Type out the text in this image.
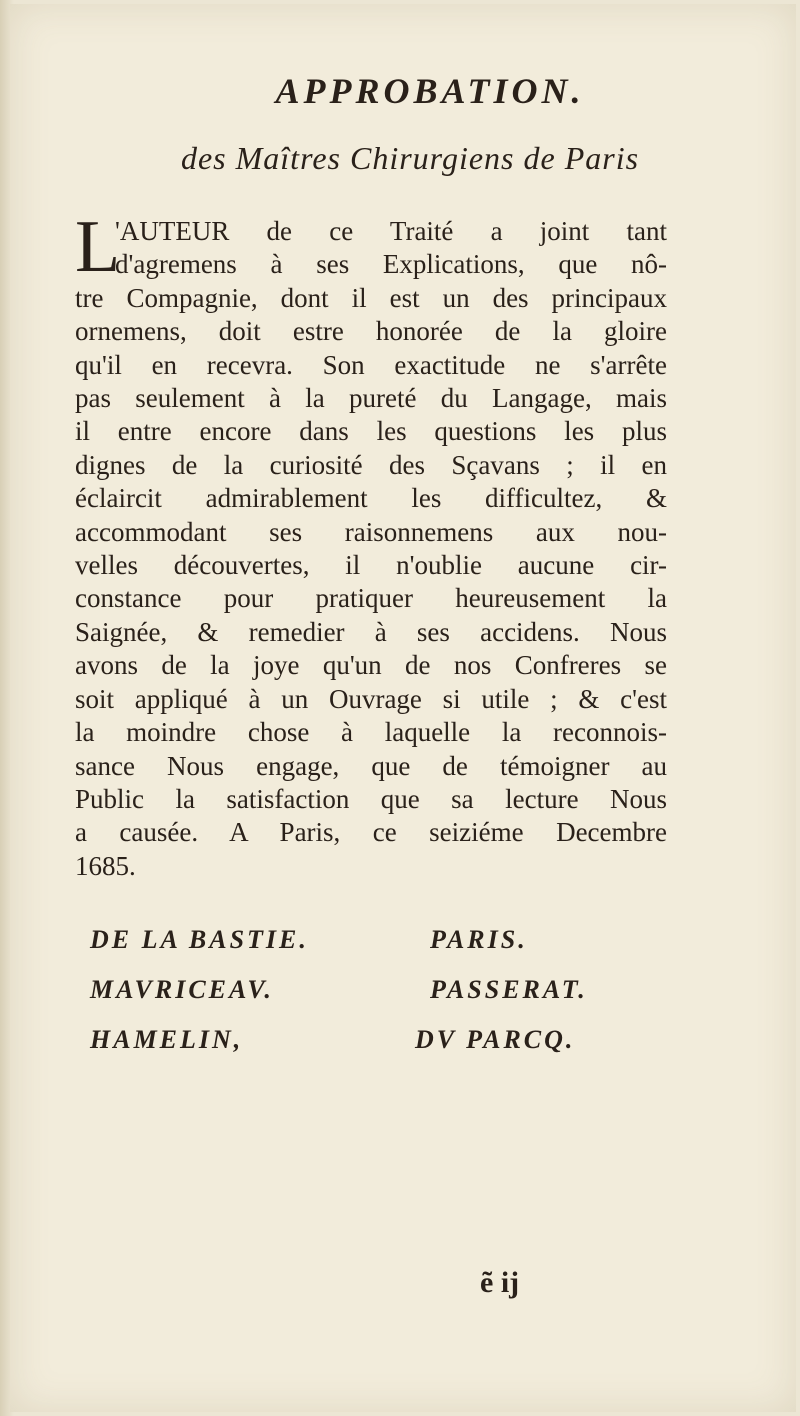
APPROBATION.
des Maîtres Chirurgiens de Paris
L
'AUTEUR de ce Traité a joint tant
d'agremens à ses Explications, que nô-
tre Compagnie, dont il est un des principaux
ornemens, doit estre honorée de la gloire
qu'il en recevra. Son exactitude ne s'arrête
pas seulement à la pureté du Langage, mais
il entre encore dans les questions les plus
dignes de la curiosité des Sçavans ; il en
éclaircit admirablement les difficultez, &
accommodant ses raisonnemens aux nou-
velles découvertes, il n'oublie aucune cir-
constance pour pratiquer heureusement la
Saignée, & remedier à ses accidens. Nous
avons de la joye qu'un de nos Confreres se
soit appliqué à un Ouvrage si utile ; & c'est
la moindre chose à laquelle la reconnois-
sance Nous engage, que de témoigner au
Public la satisfaction que sa lecture Nous
a causée. A Paris, ce seiziéme Decembre
1685.
DE LA BASTIE.	PARIS.
MAVRICEAV.	PASSERAT.
HAMELIN,	DV PARCQ.
ẽ ij
